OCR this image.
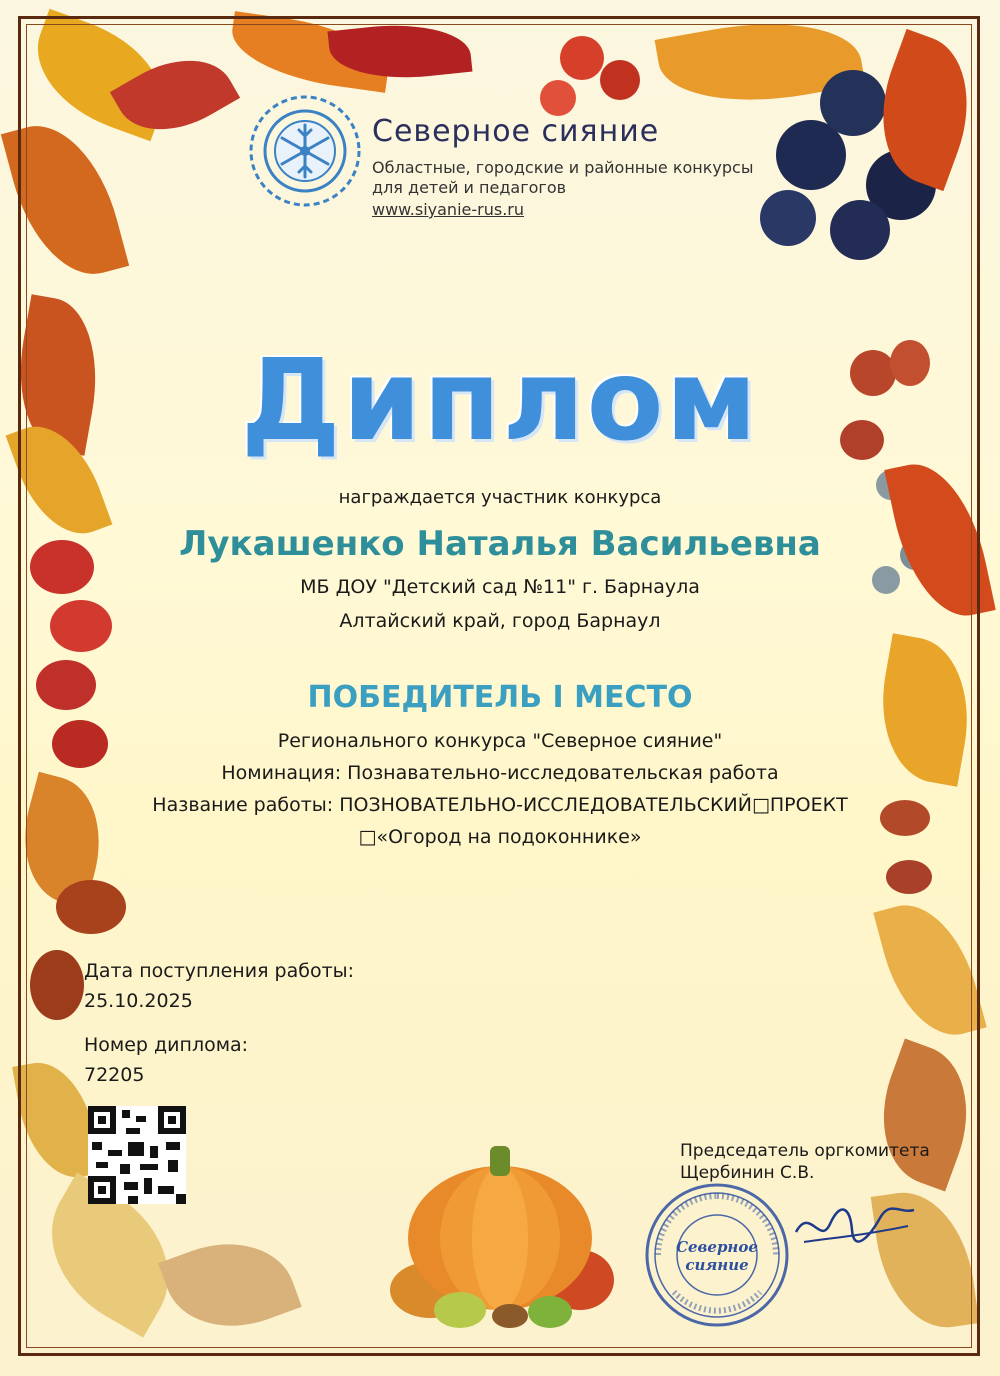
Северное сияние
Областные, городские и районные конкурсы
для детей и педагогов
www.siyanie-rus.ru
Диплом
награждается участник конкурса
Лукашенко Наталья Васильевна
МБ ДОУ "Детский сад №11" г. Барнаула
Алтайский край, город Барнаул
ПОБЕДИТЕЛЬ I МЕСТО
Регионального конкурса "Северное сияние"
Номинация: Познавательно-исследовательская работа
Название работы: ПОЗНОВАТЕЛЬНО-ИССЛЕДОВАТЕЛЬСКИЙ□ПРОЕКТ
□«Огород на подоконнике»
Дата поступления работы:
25.10.2025
Номер диплома:
72205
Председатель оргкомитета
Щербинин С.В.
Северное
сияние
